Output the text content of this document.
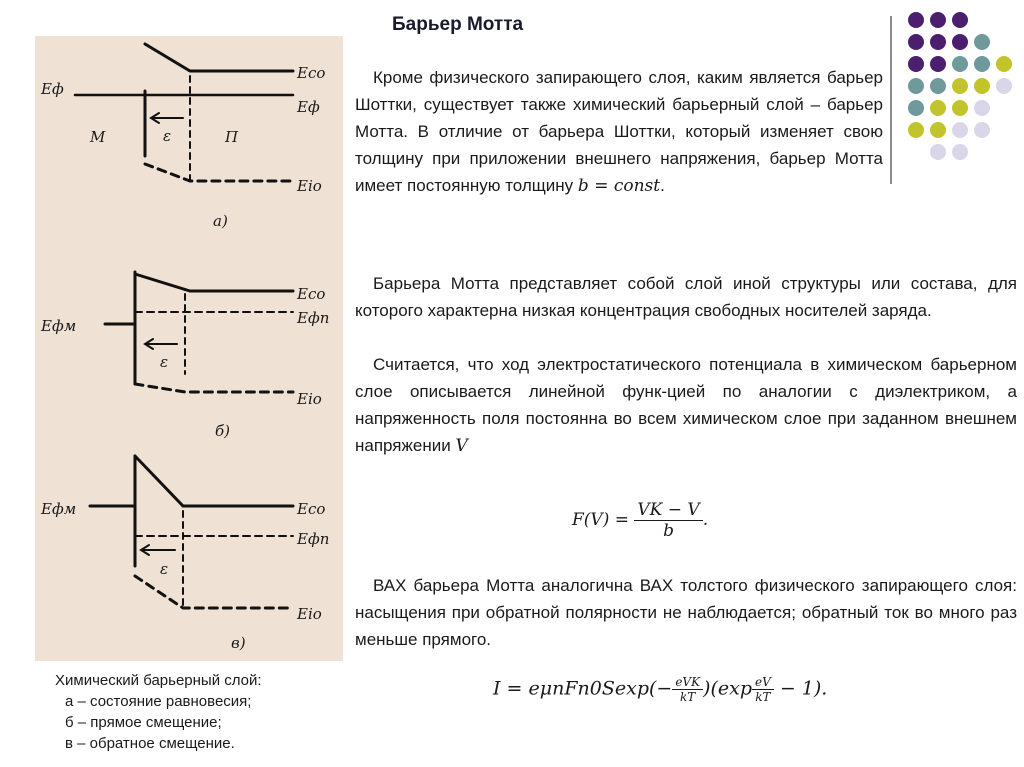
Барьер Мотта
Eco
Eф
Eф
M	П
ε
Eio
а)
Eco
Eфм	Eфп
ε
Eio
б)
Eco
Eфм
Eфп
ε
Eio
в)
Химический барьерный слой:
а – состояние равновесия;
б – прямое смещение;
в – обратное смещение.

Кроме физического запирающего слоя, каким является барьер Шоттки, существует также химический барьерный слой – барьер Мотта. В отличие от барьера Шоттки, который изменяет свою толщину при приложении внешнего напряжения, барьер Мотта имеет постоянную толщину b = const.

Барьера Мотта представляет собой слой иной структуры или состава, для которого характерна низкая концентрация свободных носителей заряда.

Считается, что ход электростатического потенциала в химическом барьерном слое описывается линейной функ-цией по аналогии с диэлектриком, а напряженность поля постоянна во всем химическом слое при заданном внешнем напряжении V

$F(V) = \frac{VK - V}{b}$ .

ВАХ барьера Мотта аналогична ВАХ толстого физического запирающего слоя: насыщения при обратной полярности не наблюдается; обратный ток во много раз меньше прямого.

$I = e\mu nFn0Sexp(- \frac{\text{eVK}}{kT} )(\exp \frac{eV}{kT} - 1)$.
